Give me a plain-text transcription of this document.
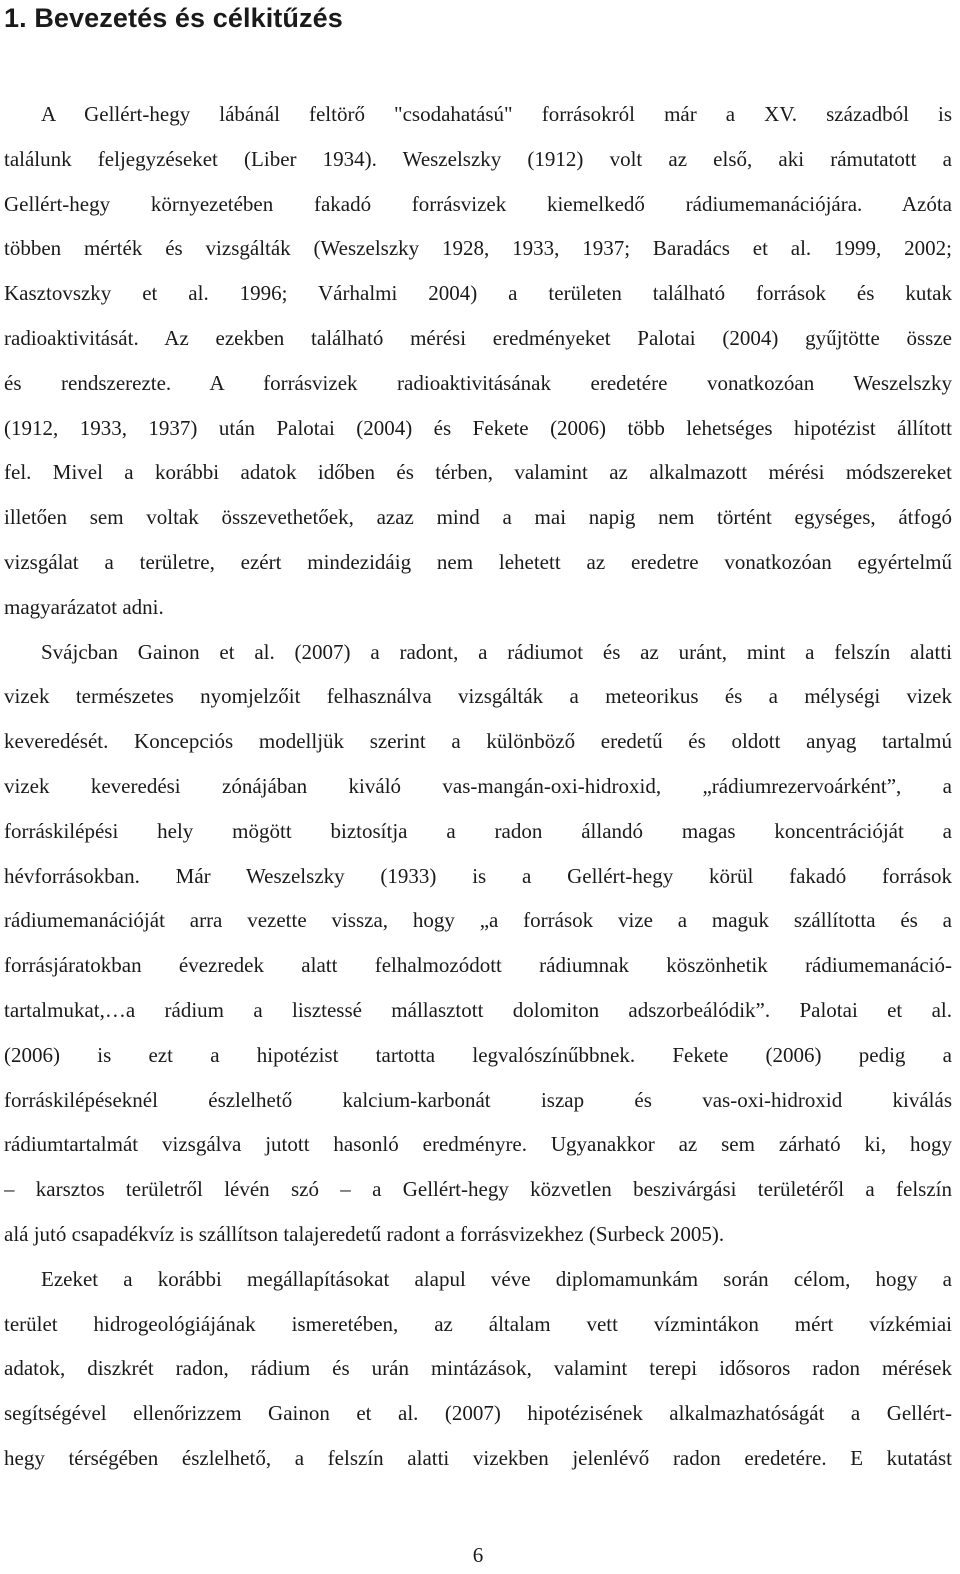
1. Bevezetés és célkitűzés
A Gellért-hegy lábánál feltörő "csodahatású" forrásokról már a XV. századból is
találunk feljegyzéseket (Liber 1934). Weszelszky (1912) volt az első, aki rámutatott a
Gellért-hegy környezetében fakadó forrásvizek kiemelkedő rádiumemanációjára. Azóta
többen mérték és vizsgálták (Weszelszky 1928, 1933, 1937; Baradács et al. 1999, 2002;
Kasztovszky et al. 1996; Várhalmi 2004) a területen található források és kutak
radioaktivitását. Az ezekben található mérési eredményeket Palotai (2004) gyűjtötte össze
és rendszerezte. A forrásvizek radioaktivitásának eredetére vonatkozóan Weszelszky
(1912, 1933, 1937) után Palotai (2004) és Fekete (2006) több lehetséges hipotézist állított
fel. Mivel a korábbi adatok időben és térben, valamint az alkalmazott mérési módszereket
illetően sem voltak összevethetőek, azaz mind a mai napig nem történt egységes, átfogó
vizsgálat a területre, ezért mindezidáig nem lehetett az eredetre vonatkozóan egyértelmű
magyarázatot adni.
Svájcban Gainon et al. (2007) a radont, a rádiumot és az uránt, mint a felszín alatti
vizek természetes nyomjelzőit felhasználva vizsgálták a meteorikus és a mélységi vizek
keveredését. Koncepciós modelljük szerint a különböző eredetű és oldott anyag tartalmú
vizek keveredési zónájában kiváló vas-mangán-oxi-hidroxid, „rádiumrezervoárként”, a
forráskilépési hely mögött biztosítja a radon állandó magas koncentrációját a
hévforrásokban. Már Weszelszky (1933) is a Gellért-hegy körül fakadó források
rádiumemanációját arra vezette vissza, hogy „a források vize a maguk szállította és a
forrásjáratokban évezredek alatt felhalmozódott rádiumnak köszönhetik rádiumemanáció-
tartalmukat,…a rádium a lisztessé mállasztott dolomiton adszorbeálódik”. Palotai et al.
(2006) is ezt a hipotézist tartotta legvalószínűbbnek. Fekete (2006) pedig a
forráskilépéseknél észlelhető kalcium-karbonát iszap és vas-oxi-hidroxid kiválás
rádiumtartalmát vizsgálva jutott hasonló eredményre. Ugyanakkor az sem zárható ki, hogy
– karsztos területről lévén szó – a Gellért-hegy közvetlen beszivárgási területéről a felszín
alá jutó csapadékvíz is szállítson talajeredetű radont a forrásvizekhez (Surbeck 2005).
Ezeket a korábbi megállapításokat alapul véve diplomamunkám során célom, hogy a
terület hidrogeológiájának ismeretében, az általam vett vízmintákon mért vízkémiai
adatok, diszkrét radon, rádium és urán mintázások, valamint terepi idősoros radon mérések
segítségével ellenőrizzem Gainon et al. (2007) hipotézisének alkalmazhatóságát a Gellért-
hegy térségében észlelhető, a felszín alatti vizekben jelenlévő radon eredetére. E kutatást
6
